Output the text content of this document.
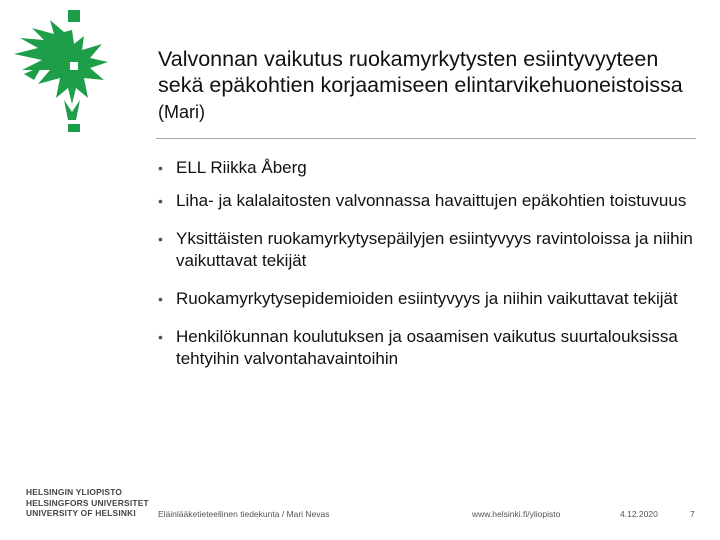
Valvonnan vaikutus ruokamyrkytysten esiintyvyyteen sekä epäkohtien korjaamiseen elintarvikehuoneistoissa (Mari)
• ELL Riikka Åberg
• Liha- ja kalalaitosten valvonnassa havaittujen epäkohtien toistuvuus
• Yksittäisten ruokamyrkytysepäilyjen esiintyvyys ravintoloissa ja niihin vaikuttavat tekijät
• Ruokamyrkytysepidemioiden esiintyvyys ja niihin vaikuttavat tekijät
• Henkilökunnan koulutuksen ja osaamisen vaikutus suurtalouksissa tehtyihin valvontahavaintoihin
HELSINGIN YLIOPISTO
HELSINGFORS UNIVERSITET
UNIVERSITY OF HELSINKI	Eläinlääketieteellinen tiedekunta / Mari Nevas	www.helsinki.fi/yliopisto	4.12.2020	7
